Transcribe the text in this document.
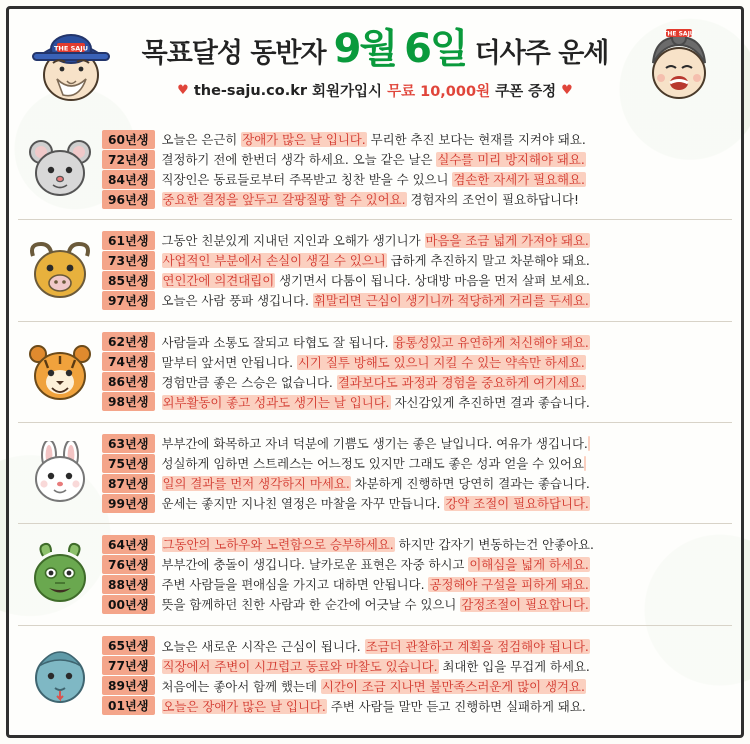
THE SAJU 목표달성 동반자 9월 6일 더사주 운세
♥ the-saju.co.kr 회원가입시 무료 10,000원 쿠폰 증정 ♥
THE SAJU
60년생	오늘은 은근히 장애가 많은 날 입니다. 무리한 추진 보다는 현재를 지켜야 돼요.
72년생	결정하기 전에 한번더 생각 하세요. 오늘 같은 날은 실수를 미리 방지해야 돼요.
84년생	직장인은 동료들로부터 주목받고 칭찬 받을 수 있으니 겸손한 자세가 필요해요.
96년생	중요한 결정을 앞두고 갈팡질팡 할 수 있어요. 경험자의 조언이 필요하답니다!
61년생	그동안 친분있게 지내던 지인과 오해가 생기니가 마음을 조금 넓게 가져야 돼요.
73년생	사업적인 부분에서 손실이 생길 수 있으니 급하게 추진하지 말고 차분해야 돼요.
85년생	연인간에 의견대립이 생기면서 다툼이 됩니다. 상대방 마음을 먼저 살펴 보세요.
97년생	오늘은 사람 풍파 생깁니다. 휘말리면 근심이 생기니까 적당하게 거리를 두세요.
62년생	사람들과 소통도 잘되고 타협도 잘 됩니다. 융통성있고 유연하게 처신해야 돼요.
74년생	말부터 앞서면 안됩니다. 시기 질투 방해도 있으니 지킬 수 있는 약속만 하세요.
86년생	경험만큼 좋은 스승은 없습니다. 결과보다도 과정과 경험을 중요하게 여기세요.
98년생	외부활동이 좋고 성과도 생기는 날 입니다. 자신감있게 추진하면 결과 좋습니다.
63년생	부부간에 화목하고 자녀 덕분에 기쁨도 생기는 좋은 날입니다. 여유가 생깁니다.
75년생	성실하게 임하면 스트레스는 어느정도 있지만 그래도 좋은 성과 얻을 수 있어요
87년생	일의 결과를 먼저 생각하지 마세요. 차분하게 진행하면 당연히 결과는 좋습니다.
99년생	운세는 좋지만 지나친 열정은 마찰을 자꾸 만듭니다. 강약 조절이 필요하답니다.
64년생	그동안의 노하우와 노련함으로 승부하세요. 하지만 갑자기 변동하는건 안좋아요.
76년생	부부간에 충돌이 생깁니다. 날카로운 표현은 자중 하시고 이해심을 넓게 하세요.
88년생	주변 사람들을 편애심을 가지고 대하면 안됩니다. 공정해야 구설을 피하게 돼요.
00년생	뜻을 함께하던 친한 사람과 한 순간에 어긋날 수 있으니 감정조절이 필요합니다.
65년생	오늘은 새로운 시작은 근심이 됩니다. 조금더 관찰하고 계획을 점검해야 됩니다.
77년생	직장에서 주변이 시끄럽고 동료와 마찰도 있습니다. 최대한 입을 무겁게 하세요.
89년생	처음에는 좋아서 함께 했는데 시간이 조금 지나면 불만족스러운게 많이 생겨요.
01년생	오늘은 장애가 많은 날 입니다. 주변 사람들 말만 듣고 진행하면 실패하게 돼요.
